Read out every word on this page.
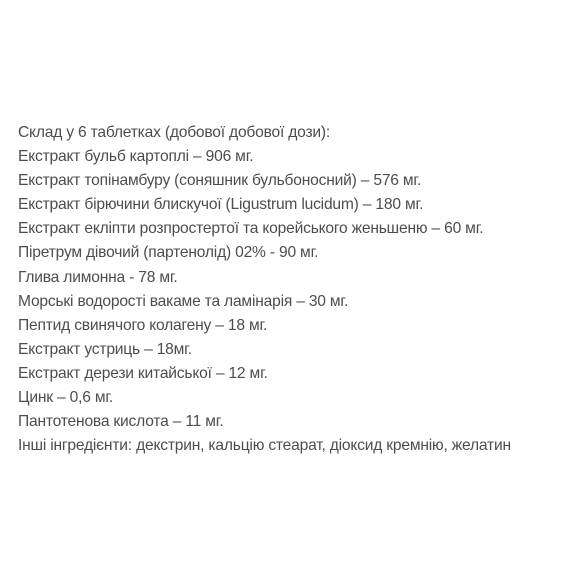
Склад у 6 таблетках (добової добової дози):
Екстракт бульб картоплі – 906 мг.
Екстракт топінамбуру (соняшник бульбоносний) – 576 мг.
Екстракт бірючини блискучої (Ligustrum lucidum) – 180 мг.
Екстракт екліпти розпростертої та корейського женьшеню – 60 мг.
Піретрум дівочий (партенолід) 02% - 90 мг.
Глива лимонна - 78 мг.
Морські водорості вакаме та ламінарія – 30 мг.
Пептид свинячого колагену – 18 мг.
Екстракт устриць – 18мг.
Екстракт дерези китайської – 12 мг.
Цинк – 0,6 мг.
Пантотенова кислота – 11 мг.
Інші інгредієнти: декстрин, кальцію стеарат, діоксид кремнію, желатин
